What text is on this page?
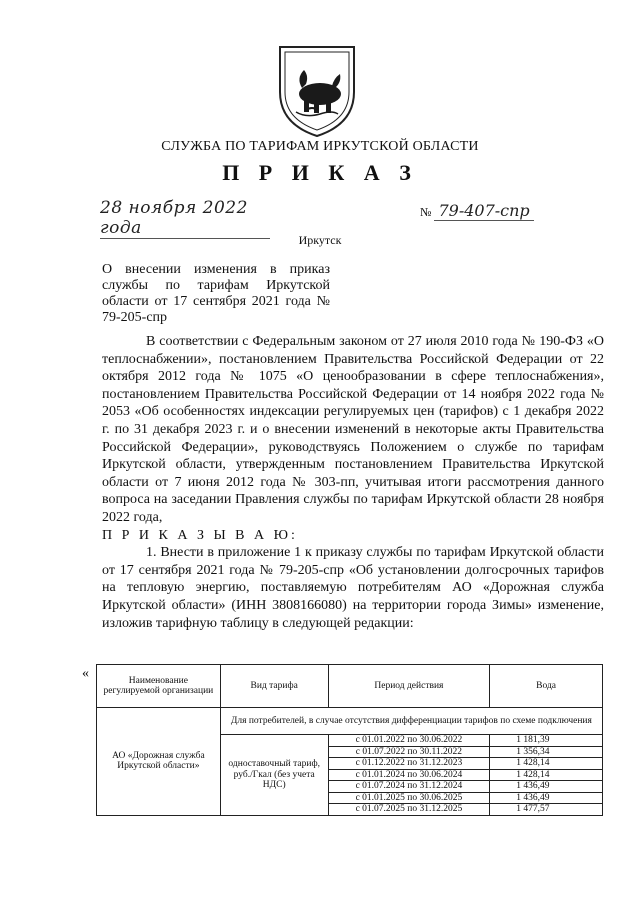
СЛУЖБА ПО ТАРИФАМ ИРКУТСКОЙ ОБЛАСТИ
П Р И К А З
28 ноября 2022 года
№ 79-407-спр
Иркутск
О внесении изменения в приказ службы по тарифам Иркутской области от 17 сентября 2021 года № 79-205-спр

В соответствии с Федеральным законом от 27 июля 2010 года № 190-ФЗ «О теплоснабжении», постановлением Правительства Российской Федерации от 22 октября 2012 года № 1075 «О ценообразовании в сфере теплоснабжения», постановлением Правительства Российской Федерации от 14 ноября 2022 года № 2053 «Об особенностях индексации регулируемых цен (тарифов) с 1 декабря 2022 г. по 31 декабря 2023 г. и о внесении изменений в некоторые акты Правительства Российской Федерации», руководствуясь Положением о службе по тарифам Иркутской области, утвержденным постановлением Правительства Иркутской области от 7 июня 2012 года № 303-пп, учитывая итоги рассмотрения данного вопроса на заседании Правления службы по тарифам Иркутской области 28 ноября 2022 года,

П Р И К А З Ы В А Ю:

1. Внести в приложение 1 к приказу службы по тарифам Иркутской области от 17 сентября 2021 года № 79-205-спр «Об установлении долгосрочных тарифов на тепловую энергию, поставляемую потребителям АО «Дорожная служба Иркутской области» (ИНН 3808166080) на территории города Зимы» изменение, изложив тарифную таблицу в следующей редакции:

«	Наименование регулируемой организации	Вид тарифа	Период действия	Вода
АО «Дорожная служба Иркутской области»	Для потребителей, в случае отсутствия дифференциации тарифов по схеме подключения		
	одноставочный тариф, руб./Гкал (без учета НДС)	с 01.01.2022 по 30.06.2022	1 181,39
		с 01.07.2022 по 30.11.2022	1 356,34
		с 01.12.2022 по 31.12.2023	1 428,14
		с 01.01.2024 по 30.06.2024	1 428,14
		с 01.07.2024 по 31.12.2024	1 436,49
		с 01.01.2025 по 30.06.2025	1 436,49
		с 01.07.2025 по 31.12.2025	1 477,57
